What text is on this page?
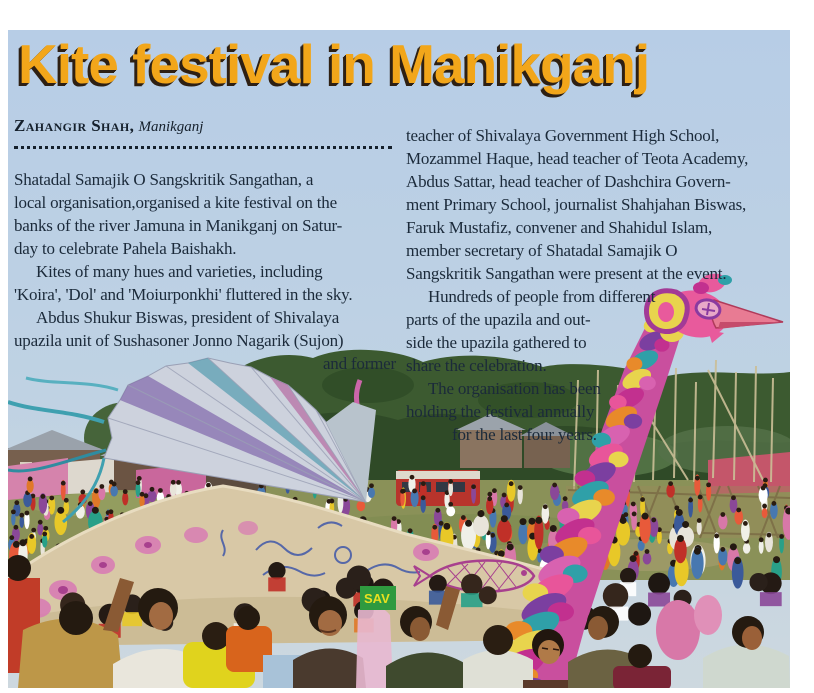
SAV
Kite festival in Manikganj
Zahangir Shah, Manikganj
Shatadal Samajik O Sangskritik Sangathan, a
local organisation,organised a kite festival on the
banks of the river Jamuna in Manikganj on Satur-
day to celebrate Pahela Baishakh.
Kites of many hues and varieties, including
'Koira', 'Dol' and 'Moiurponkhi' fluttered in the sky.
Abdus Shukur Biswas, president of Shivalaya
upazila unit of Sushasoner Jonno Nagarik (Sujon)
and former
teacher of Shivalaya Government High School,
Mozammel Haque, head teacher of Teota Academy,
Abdus Sattar, head teacher of Dashchira Govern-
ment Primary School, journalist Shahjahan Biswas,
Faruk Mustafiz, convener and Shahidul Islam,
member secretary of Shatadal Samajik O
Sangskritik Sangathan were present at the event.
Hundreds of people from different
parts of the upazila and out-
side the upazila gathered to
share the celebration.
The organisation has been
holding the festival annually
for the last four years.
